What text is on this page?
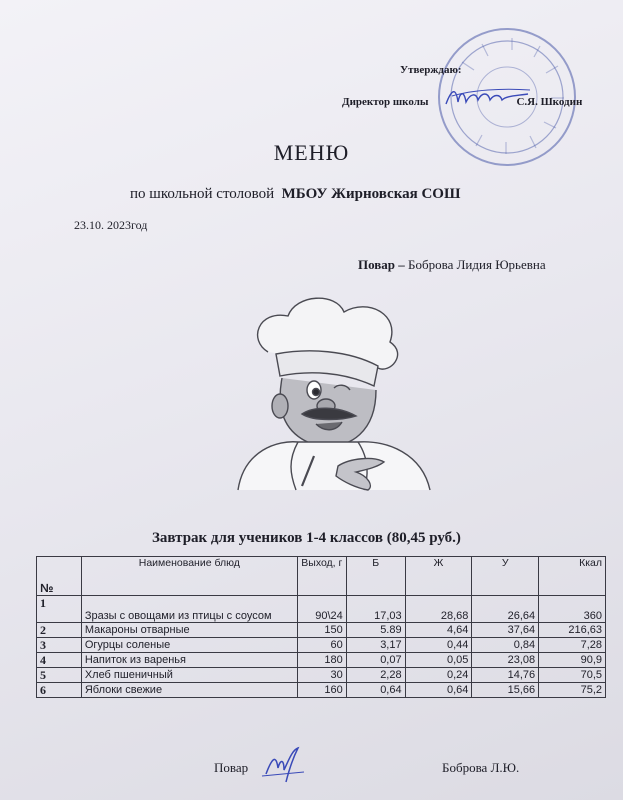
Утверждаю:
Директор школы	С.Я. Шкодин
МЕНЮ
по школьной столовой МБОУ Жирновская СОШ
23.10. 2023год
Повар – Боброва Лидия Юрьевна
Завтрак для учеников 1-4 классов (80,45 руб.)
№	Наименование блюд	Выход, г	Б	Ж	У	Ккал
1	Зразы с овощами из птицы с соусом	90\24	17,03	28,68	26,64	360
2	Макароны отварные	150	5.89	4,64	37,64	216,63
3	Огурцы соленые	60	3,17	0,44	0,84	7,28
4	Напиток из варенья	180	0,07	0,05	23,08	90,9
5	Хлеб пшеничный	30	2,28	0,24	14,76	70,5
6	Яблоки свежие	160	0,64	0,64	15,66	75,2
Повар	Боброва Л.Ю.
